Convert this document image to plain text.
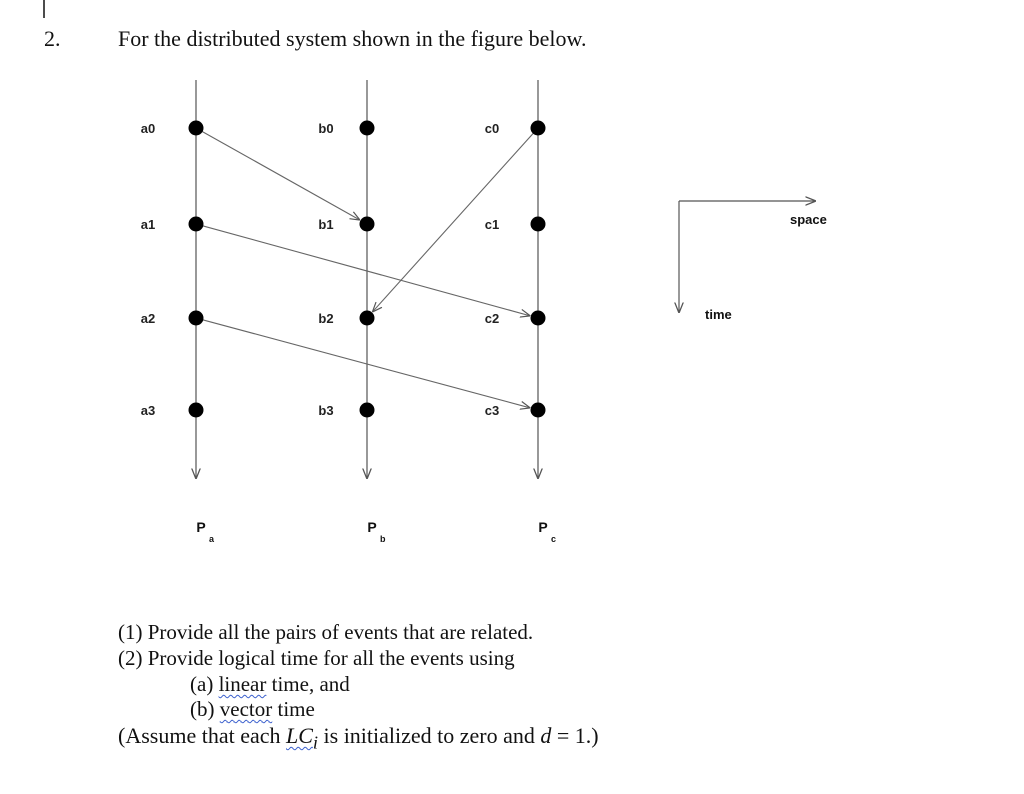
2.	For the distributed system shown in the figure below.
a0
a1
a2
a3
P
a
b0
b1
b2
b3
P
b
c0
c1
c2
c3
P
c
space
time
(1) Provide all the pairs of events that are related.
(2) Provide logical time for all the events using
(a) linear time, and
(b) vector time
(Assume that each $LC_i$ is initialized to zero and d = 1.)
